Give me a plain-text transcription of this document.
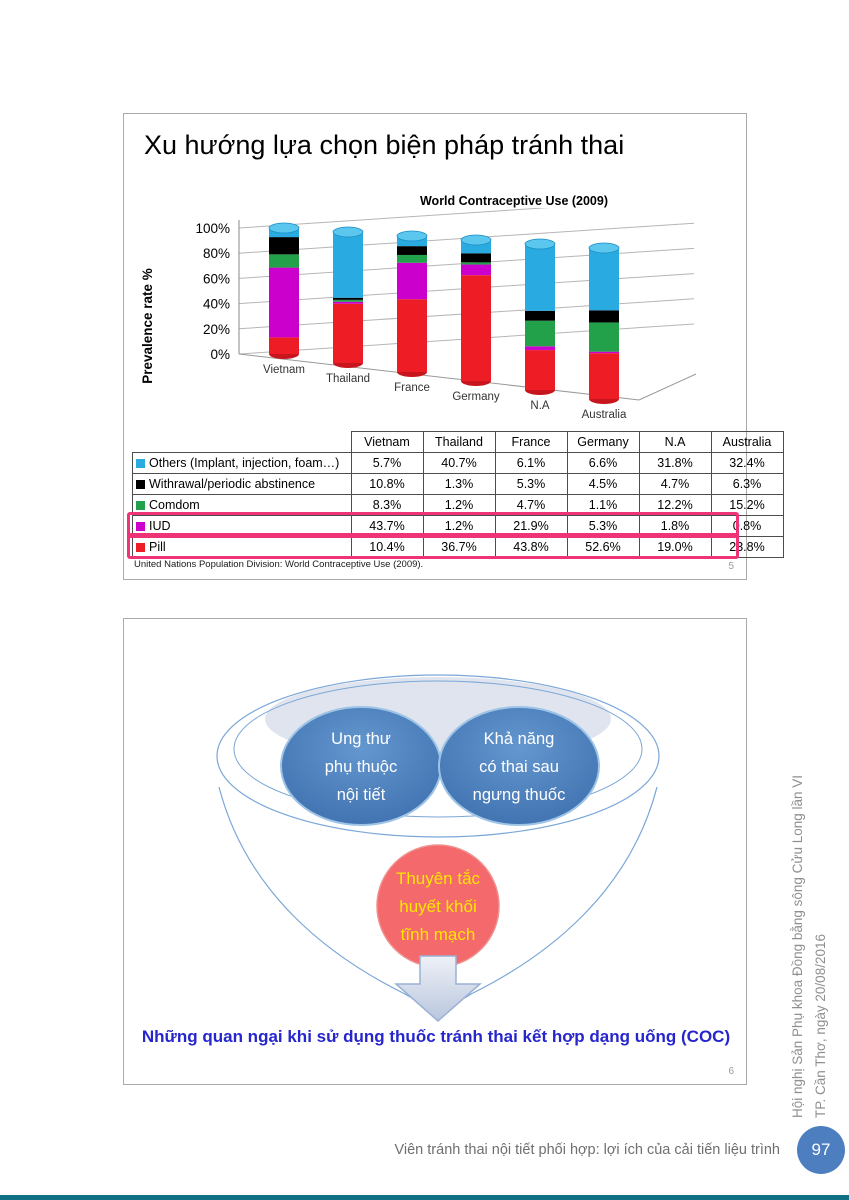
Xu hướng lựa chọn biện pháp tránh thai
World Contraceptive Use (2009)
0%
20%
40%
60%
80%
100%
Prevalence rate %	Vietnam
Thailand
France
Germany
N.A
Australia
	Vietnam	Thailand	France	Germany	N.A	Australia
Others (Implant, injection, foam…)	5.7%	40.7%	6.1%	6.6%	31.8%	32.4%
Withrawal/periodic abstinence	10.8%	1.3%	5.3%	4.5%	4.7%	6.3%
Comdom	8.3%	1.2%	4.7%	1.1%	12.2%	15.2%
IUD	43.7%	1.2%	21.9%	5.3%	1.8%	0.8%
Pill	10.4%	36.7%	43.8%	52.6%	19.0%	23.8%
United Nations Population Division: World Contraceptive Use (2009).	5
Ung thư
phụ thuộc
nội tiết
Khả năng
có thai sau
ngưng thuốc
Thuyên tắc
huyết khối
tĩnh mạch
Những quan ngại khi sử dụng thuốc tránh thai kết hợp dạng uống (COC)
6	Hội nghị Sản Phụ khoa Đồng bằng sông Cửu Long lần VI TP. Cần Thơ, ngày 20/08/2016
Viên tránh thai nội tiết phối hợp: lợi ích của cải tiến liệu trình	97
